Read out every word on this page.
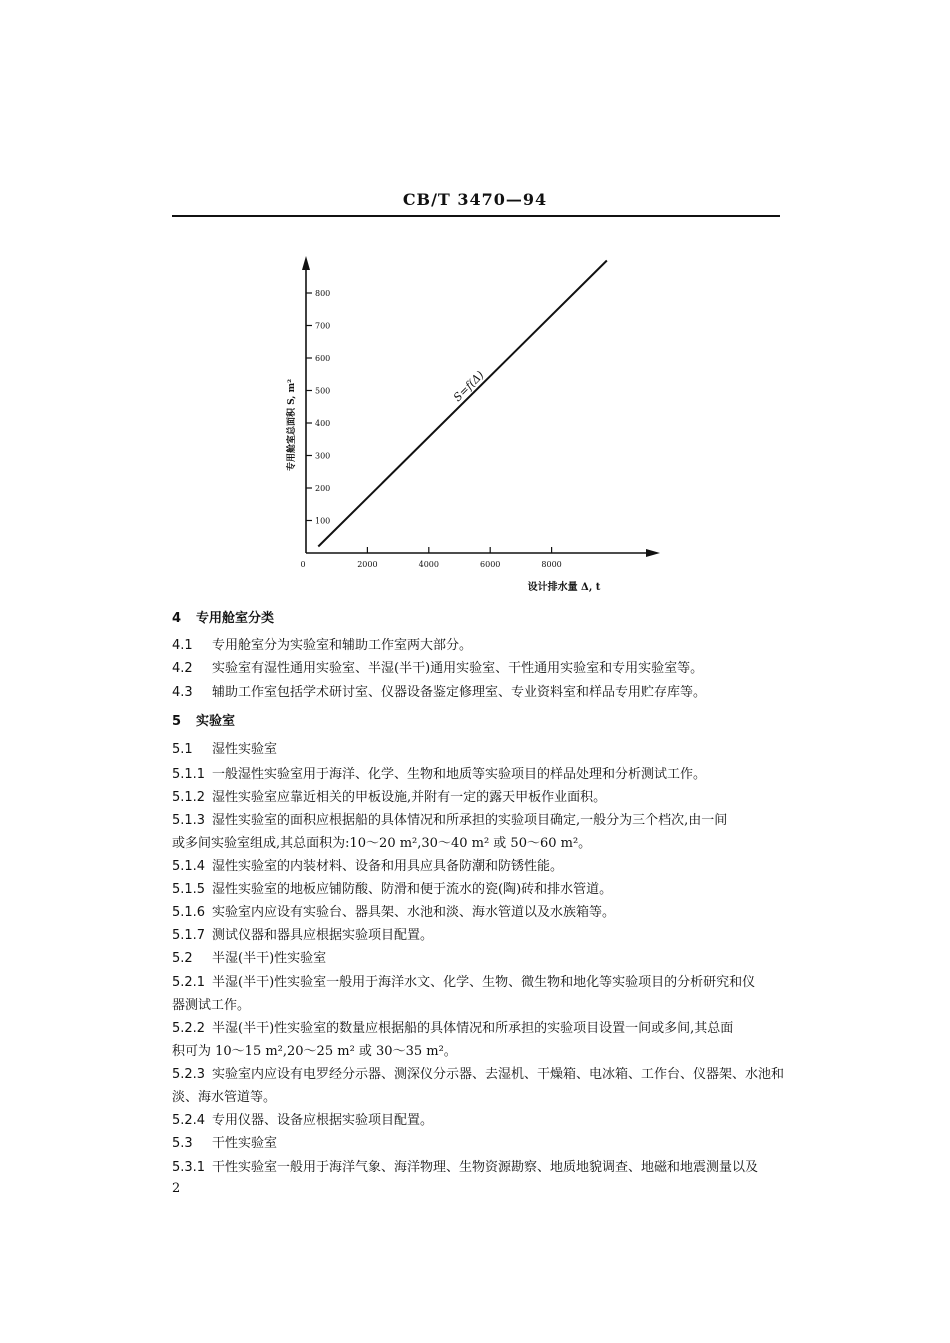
CB/T 3470—94
100
200
300
400
500
600
700
800
2000	4000	6000	8000
0
S=f(Δ)
专用舱室总面积 S, m²
设计排水量 Δ, t
4 专用舱室分类
4.1 专用舱室分为实验室和辅助工作室两大部分。
4.2 实验室有湿性通用实验室、半湿(半干)通用实验室、干性通用实验室和专用实验室等。
4.3 辅助工作室包括学术研讨室、仪器设备鉴定修理室、专业资料室和样品专用贮存库等。
5 实验室
5.1 湿性实验室
5.1.1 一般湿性实验室用于海洋、化学、生物和地质等实验项目的样品处理和分析测试工作。
5.1.2 湿性实验室应靠近相关的甲板设施,并附有一定的露天甲板作业面积。
5.1.3 湿性实验室的面积应根据船的具体情况和所承担的实验项目确定,一般分为三个档次,由一间
或多间实验室组成,其总面积为:10～20 m²,30～40 m² 或 50～60 m²。
5.1.4 湿性实验室的内装材料、设备和用具应具备防潮和防锈性能。
5.1.5 湿性实验室的地板应铺防酸、防滑和便于流水的瓷(陶)砖和排水管道。
5.1.6 实验室内应设有实验台、器具架、水池和淡、海水管道以及水族箱等。
5.1.7 测试仪器和器具应根据实验项目配置。
5.2 半湿(半干)性实验室
5.2.1 半湿(半干)性实验室一般用于海洋水文、化学、生物、微生物和地化等实验项目的分析研究和仪
器测试工作。
5.2.2 半湿(半干)性实验室的数量应根据船的具体情况和所承担的实验项目设置一间或多间,其总面
积可为 10～15 m²,20～25 m² 或 30～35 m²。
5.2.3 实验室内应设有电罗经分示器、测深仪分示器、去湿机、干燥箱、电冰箱、工作台、仪器架、水池和
淡、海水管道等。
5.2.4 专用仪器、设备应根据实验项目配置。
5.3 干性实验室
5.3.1 干性实验室一般用于海洋气象、海洋物理、生物资源勘察、地质地貌调查、地磁和地震测量以及
2
